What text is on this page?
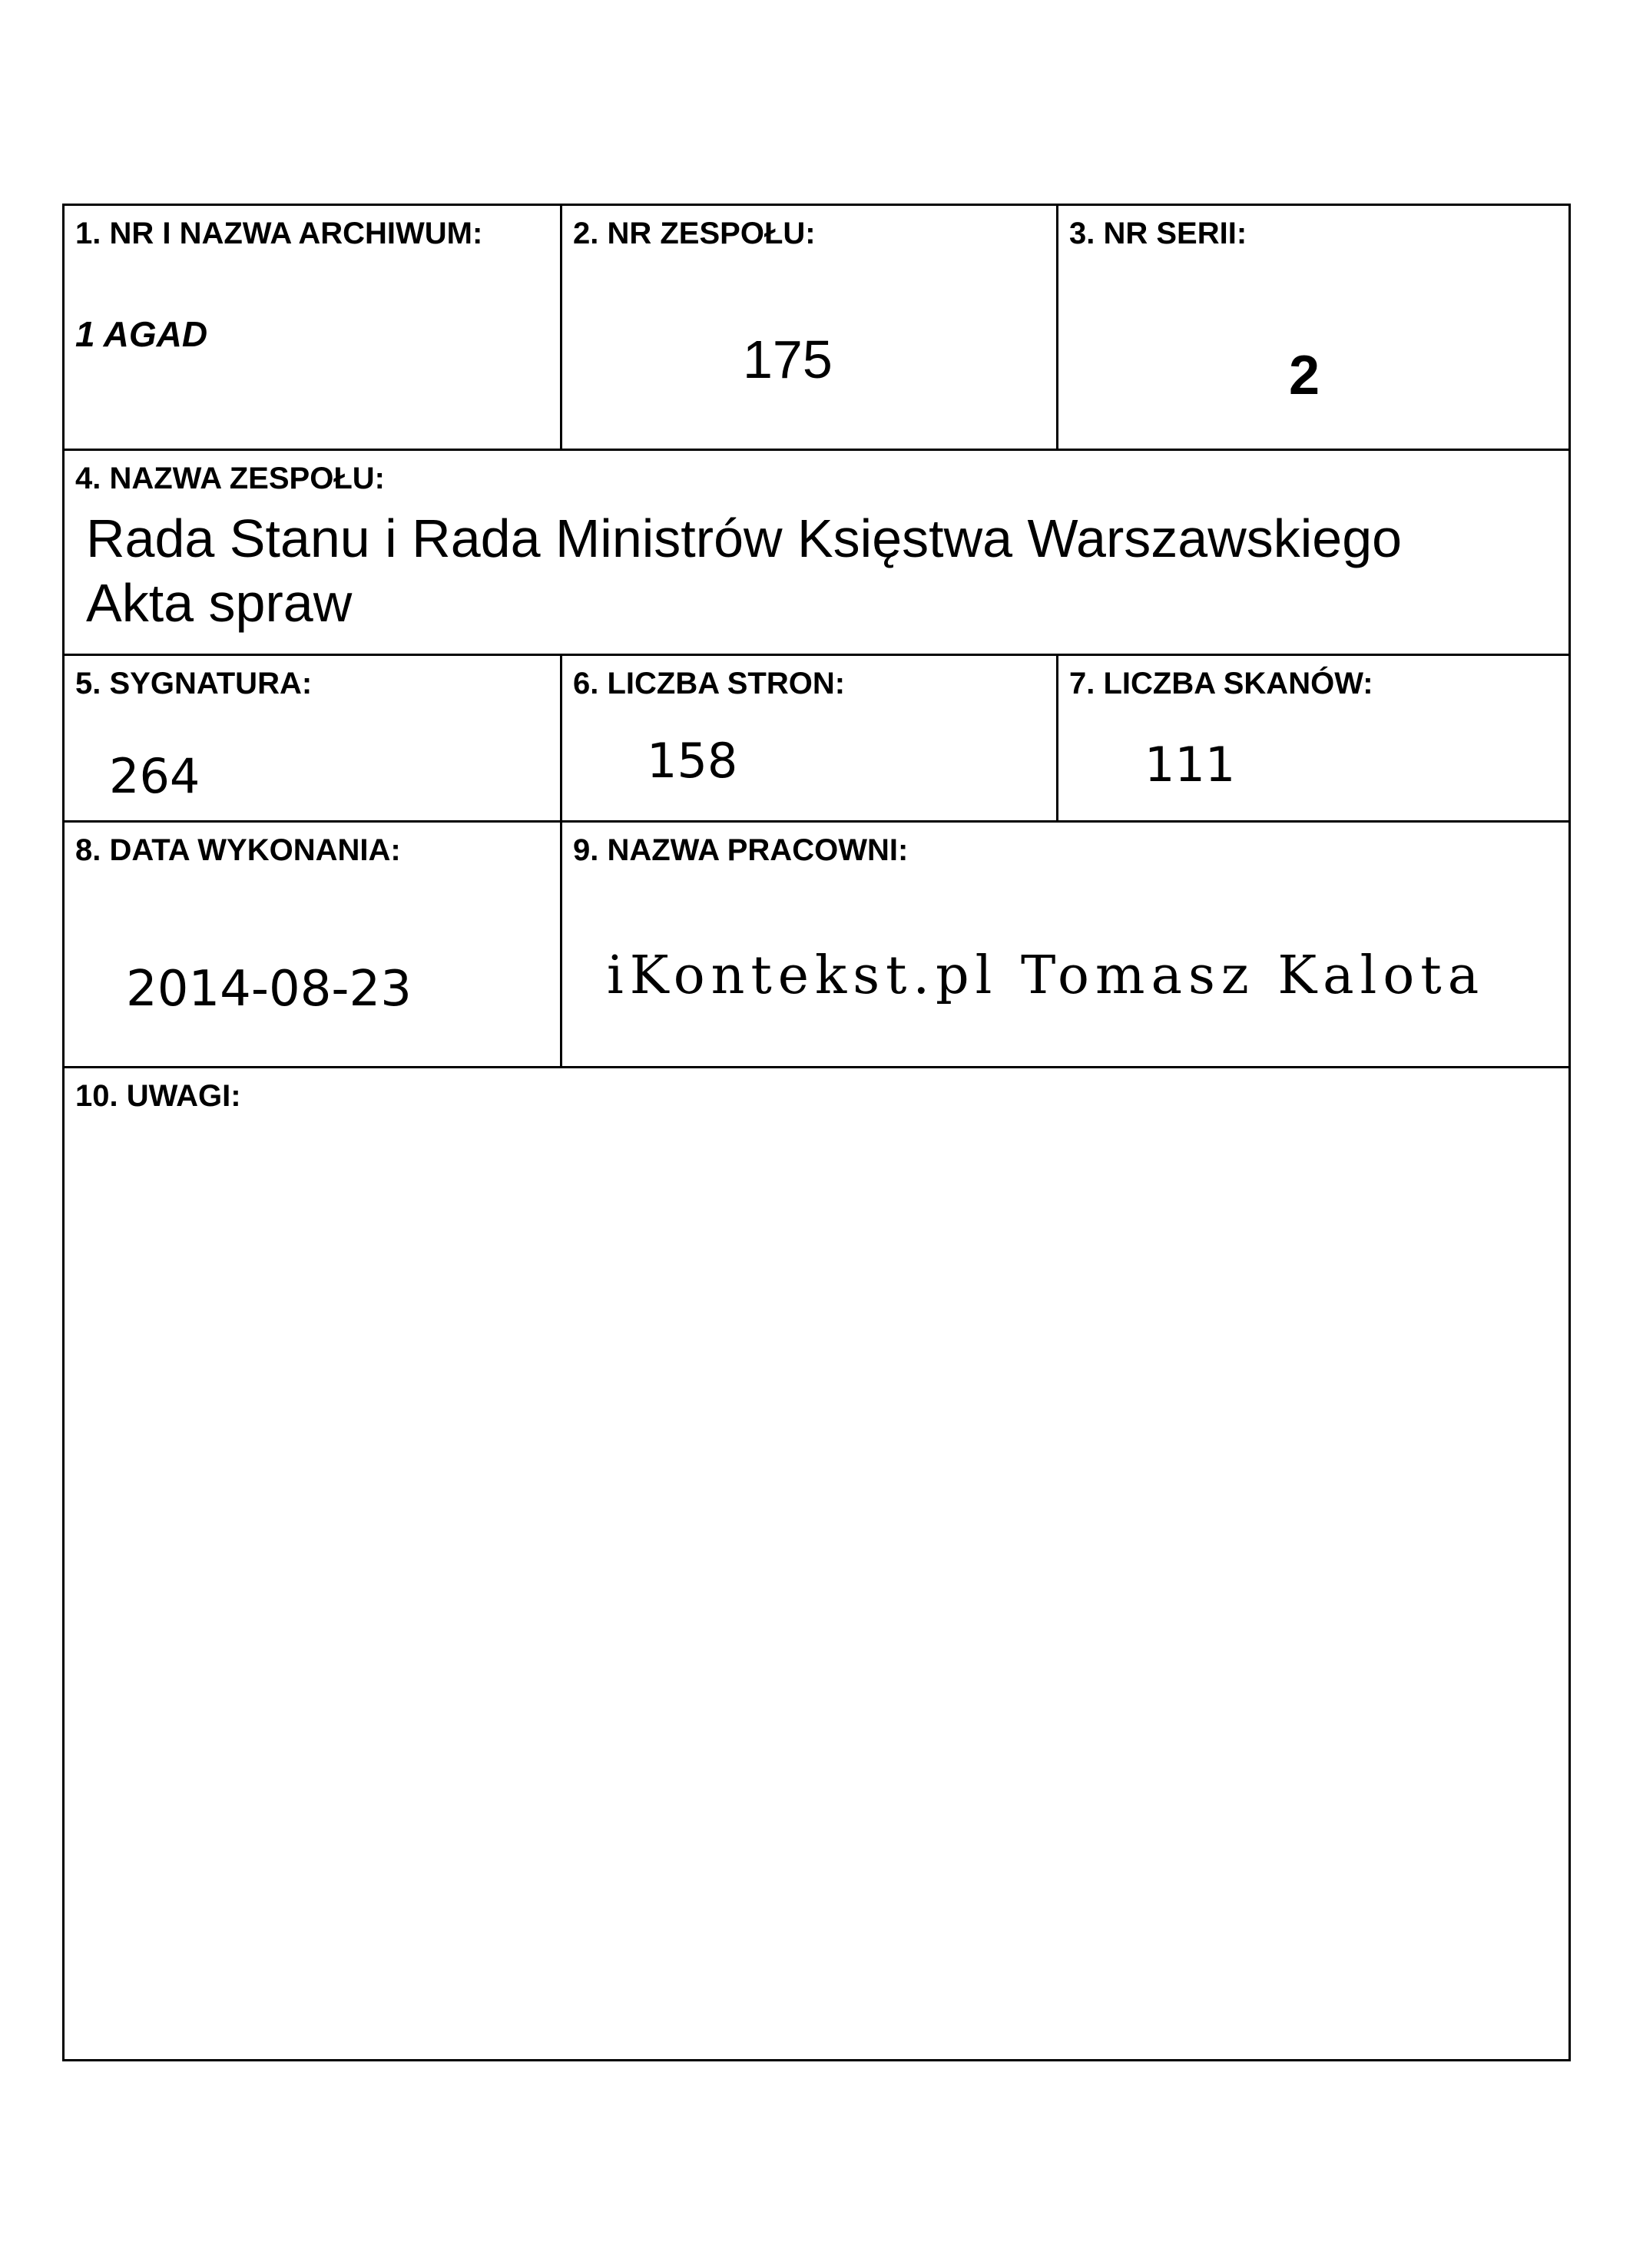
1. NR I NAZWA ARCHIWUM:
1 AGAD
2. NR ZESPOŁU:
175
3. NR SERII:
2
4. NAZWA ZESPOŁU:
Rada Stanu i Rada Ministrów Księstwa Warszawskiego
Akta spraw
5. SYGNATURA:
264
6. LICZBA STRON:
158
7. LICZBA SKANÓW:
111
8. DATA WYKONANIA:
2014-08-23
9. NAZWA PRACOWNI:
iKontekst.pl Tomasz Kalota
10. UWAGI:
